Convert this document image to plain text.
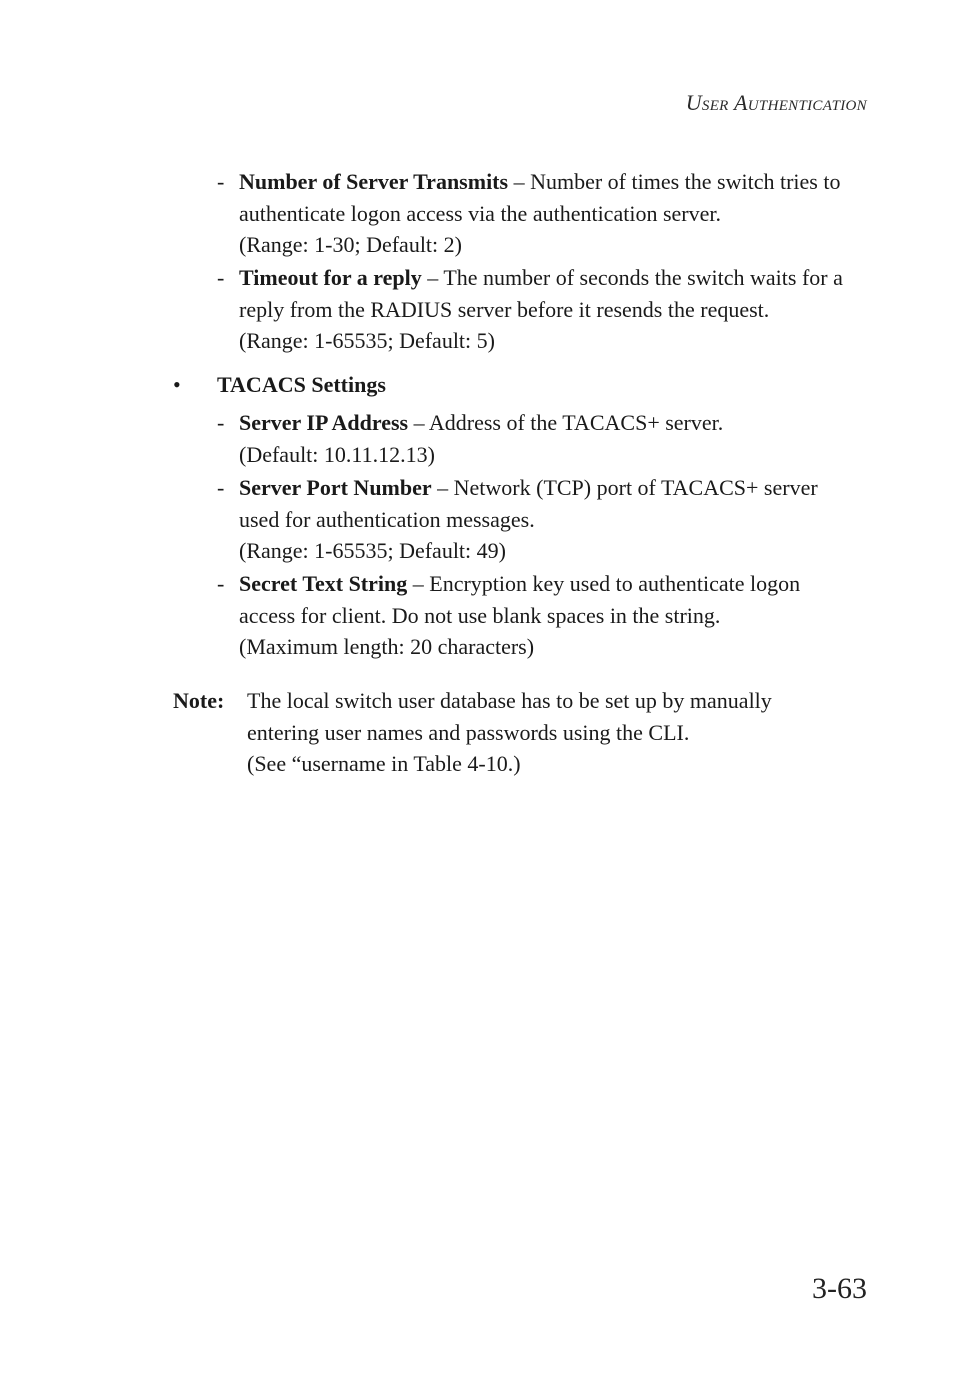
User Authentication
- Number of Server Transmits – Number of times the switch tries to
authenticate logon access via the authentication server.
(Range: 1-30; Default: 2)
- Timeout for a reply – The number of seconds the switch waits for a
reply from the RADIUS server before it resends the request.
(Range: 1-65535; Default: 5)
• TACACS Settings
- Server IP Address – Address of the TACACS+ server.
(Default: 10.11.12.13)
- Server Port Number – Network (TCP) port of TACACS+ server
used for authentication messages.
(Range: 1-65535; Default: 49)
- Secret Text String – Encryption key used to authenticate logon
access for client. Do not use blank spaces in the string.
(Maximum length: 20 characters)
Note: The local switch user database has to be set up by manually
entering user names and passwords using the CLI.
(See “username in Table 4-10.)
3-63
